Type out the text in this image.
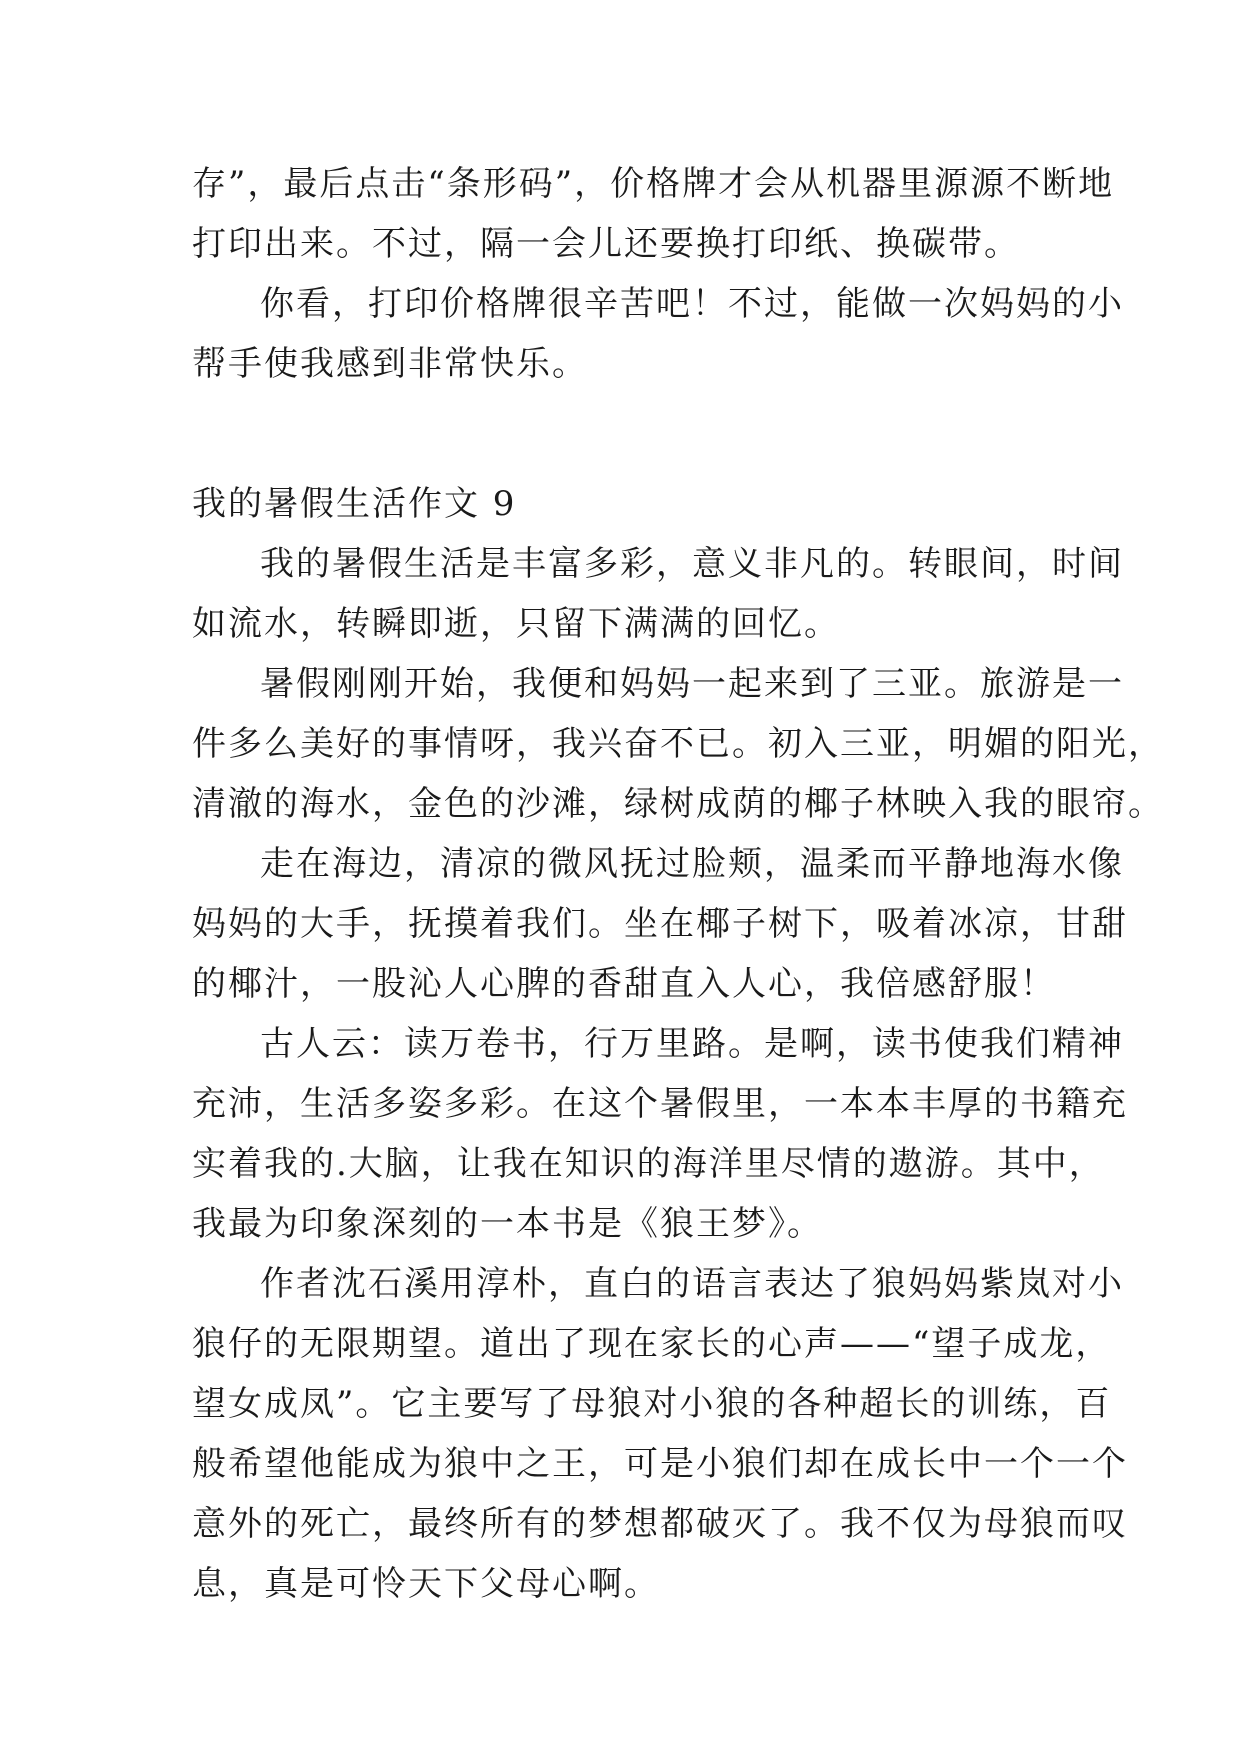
存”，最后点击“条形码”，价格牌才会从机器里源源不断地
打印出来。不过，隔一会儿还要换打印纸、换碳带。
你看，打印价格牌很辛苦吧！不过，能做一次妈妈的小
帮手使我感到非常快乐。
我的暑假生活作文 9
我的暑假生活是丰富多彩，意义非凡的。转眼间，时间
如流水，转瞬即逝，只留下满满的回忆。
暑假刚刚开始，我便和妈妈一起来到了三亚。旅游是一
件多么美好的事情呀，我兴奋不已。初入三亚，明媚的阳光，
清澈的海水，金色的沙滩，绿树成荫的椰子林映入我的眼帘。
走在海边，清凉的微风抚过脸颊，温柔而平静地海水像
妈妈的大手，抚摸着我们。坐在椰子树下，吸着冰凉，甘甜
的椰汁，一股沁人心脾的香甜直入人心，我倍感舒服！
古人云：读万卷书，行万里路。是啊，读书使我们精神
充沛，生活多姿多彩。在这个暑假里，一本本丰厚的书籍充
实着我的.大脑，让我在知识的海洋里尽情的遨游。其中，
我最为印象深刻的一本书是《狼王梦》。
作者沈石溪用淳朴，直白的语言表达了狼妈妈紫岚对小
狼仔的无限期望。道出了现在家长的心声——“望子成龙，
望女成凤”。它主要写了母狼对小狼的各种超长的训练，百
般希望他能成为狼中之王，可是小狼们却在成长中一个一个
意外的死亡，最终所有的梦想都破灭了。我不仅为母狼而叹
息，真是可怜天下父母心啊。
